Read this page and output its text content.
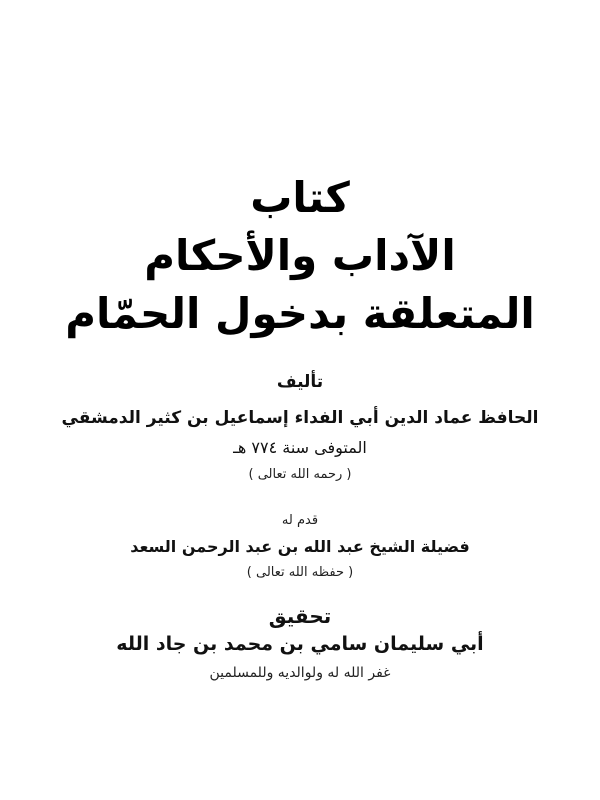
كتاب
الآداب والأحكام
المتعلقة بدخول الحمّام
تأليف
الحافظ عماد الدين أبي الفداء إسماعيل بن كثير الدمشقي
المتوفى سنة ٧٧٤ هـ
( رحمه الله تعالى )
قدم له
فضيلة الشيخ عبد الله بن عبد الرحمن السعد
( حفظه الله تعالى )
تحقيق
أبي سليمان سامي بن محمد بن جاد الله
غفر الله له ولوالديه وللمسلمين
